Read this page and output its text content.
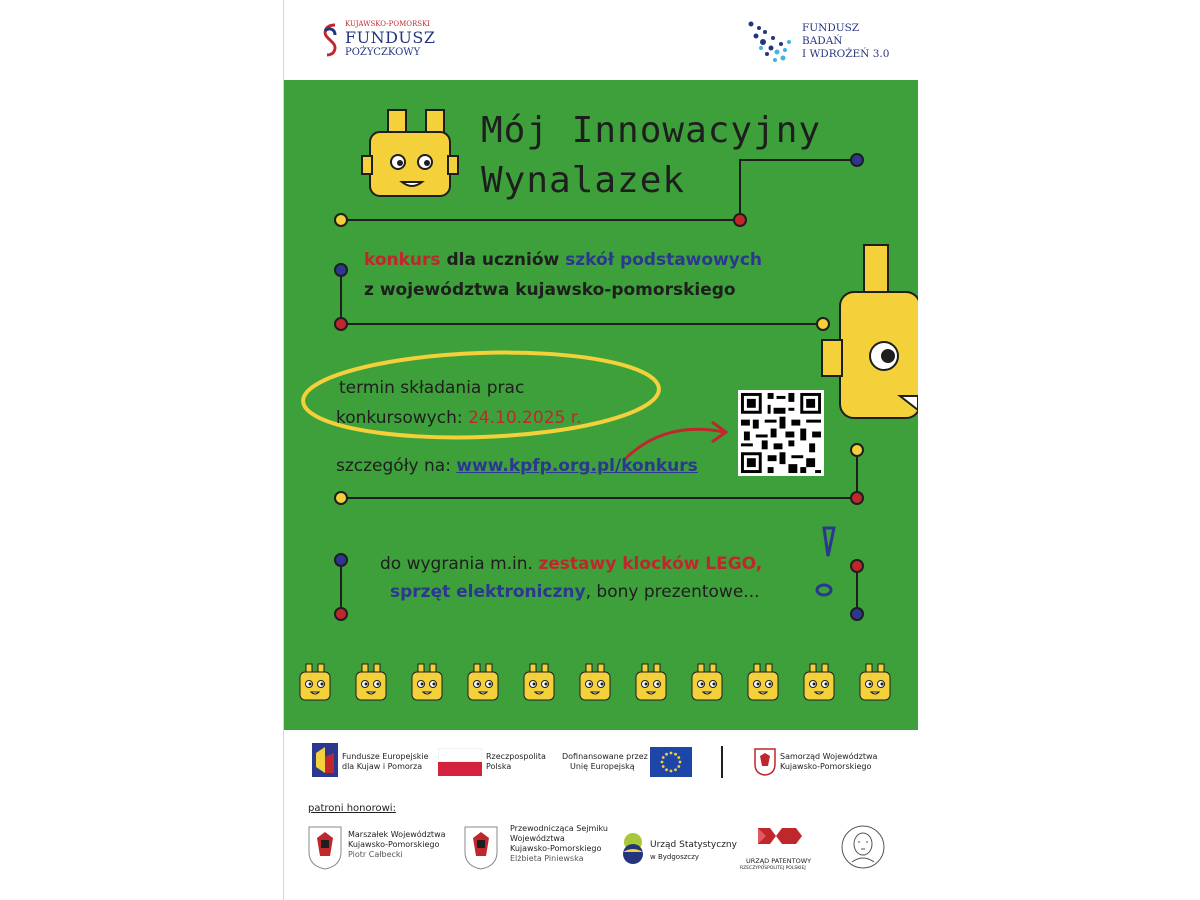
KUJAWSKO-POMORSKI
FUNDUSZ
POŻYCZKOWY
FUNDUSZ
BADAŃ
I WDROŻEŃ 3.0
Mój Innowacyjny
Wynalazek
konkurs dla uczniów szkół podstawowych
z województwa kujawsko-pomorskiego
termin składania prac
konkursowych: 24.10.2025 r.
szczegóły na: www.kpfp.org.pl/konkurs
do wygrania m.in. zestawy klocków LEGO,
sprzęt elektroniczny, bony prezentowe...
Fundusze Europejskie
dla Kujaw i Pomorza
Rzeczpospolita
Polska
Dofinansowane przez
Unię Europejską
Samorząd Województwa
Kujawsko-Pomorskiego
patroni honorowi:
Marszałek Województwa
Kujawsko-Pomorskiego
Piotr Całbecki
Przewodnicząca Sejmiku
Województwa
Kujawsko-Pomorskiego
Elżbieta Piniewska
Urząd Statystyczny
w Bydgoszczy	URZĄD PATENTOWY
RZECZYPOSPOLITEJ POLSKIEJ
